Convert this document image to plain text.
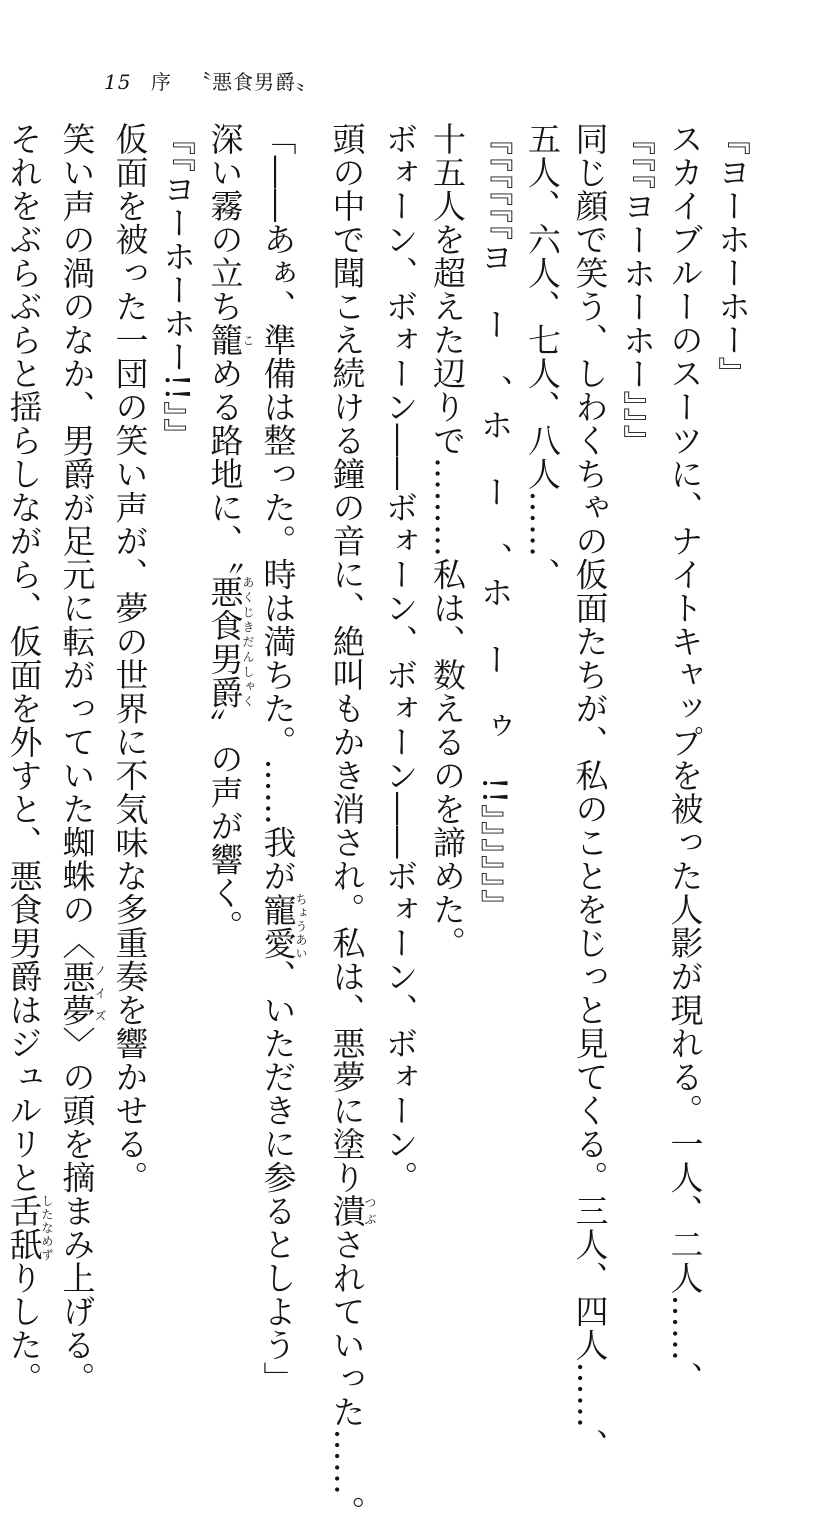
15 序 〝悪食男爵〟
『ヨーホーホー』
スカイブルーのスーツに、ナイトキャップを被った人影が現れる。一人、二人……、
『『『ヨーホーホー』』』
同じ顔で笑う、しわくちゃの仮面たちが、私のことをじっと見てくる。三人、四人……、
五人、六人、七人、八人……、
『『『『『『ヨ　ー　、ホ　ー　、ホ　ー　ゥ　!!』』』』』』
十五人を超えた辺りで………私は、数えるのを諦めた。
ボォーン、ボォーン――ボォーン、ボォーン――ボォーン、ボォーン。
頭の中で聞こえ続ける鐘の音に、絶叫もかき消され。私は、悪夢に塗り潰つぶされていった……。
「――あぁ、準備は整った。時は満ちた。……我が寵愛ちょうあい、いただきに参るとしよう」
深い霧の立ち籠こめる路地に、〝悪食男爵あくじきだんしゃく〟の声が響く。
『『ヨーホーホー!!』』
仮面を被った一団の笑い声が、夢の世界に不気味な多重奏を響かせる。
笑い声の渦のなか、男爵が足元に転がっていた蜘蛛の〈悪夢ノイズ〉の頭を摘まみ上げる。
それをぶらぶらと揺らしながら、仮面を外すと、悪食男爵はジュルリと舌舐したなめずりした。
